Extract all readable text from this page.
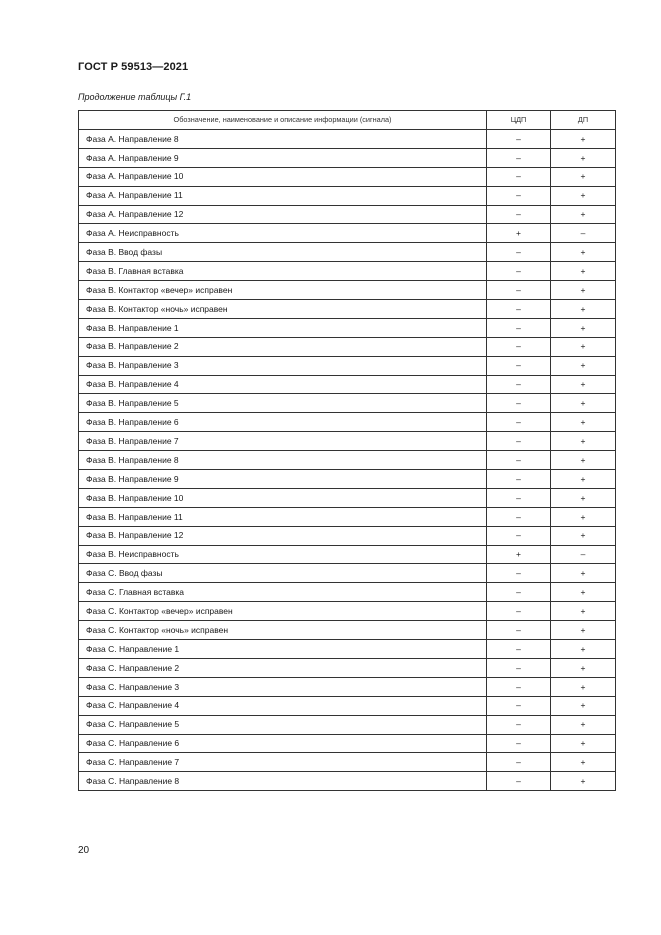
ГОСТ Р 59513—2021
Продолжение таблицы Г.1
Обозначение, наименование и описание информации (сигнала)	ЦДП	ДП
Фаза А. Направление 8	–	+
Фаза А. Направление 9	–	+
Фаза А. Направление 10	–	+
Фаза А. Направление 11	–	+
Фаза А. Направление 12	–	+
Фаза А. Неисправность	+	–
Фаза В. Ввод фазы	–	+
Фаза В. Главная вставка	–	+
Фаза В. Контактор «вечер» исправен	–	+
Фаза В. Контактор «ночь» исправен	–	+
Фаза В. Направление 1	–	+
Фаза В. Направление 2	–	+
Фаза В. Направление 3	–	+
Фаза В. Направление 4	–	+
Фаза В. Направление 5	–	+
Фаза В. Направление 6	–	+
Фаза В. Направление 7	–	+
Фаза В. Направление 8	–	+
Фаза В. Направление 9	–	+
Фаза В. Направление 10	–	+
Фаза В. Направление 11	–	+
Фаза В. Направление 12	–	+
Фаза В. Неисправность	+	–
Фаза С. Ввод фазы	–	+
Фаза С. Главная вставка	–	+
Фаза С. Контактор «вечер» исправен	–	+
Фаза С. Контактор «ночь» исправен	–	+
Фаза С. Направление 1	–	+
Фаза С. Направление 2	–	+
Фаза С. Направление 3	–	+
Фаза С. Направление 4	–	+
Фаза С. Направление 5	–	+
Фаза С. Направление 6	–	+
Фаза С. Направление 7	–	+
Фаза С. Направление 8	–	+
20
